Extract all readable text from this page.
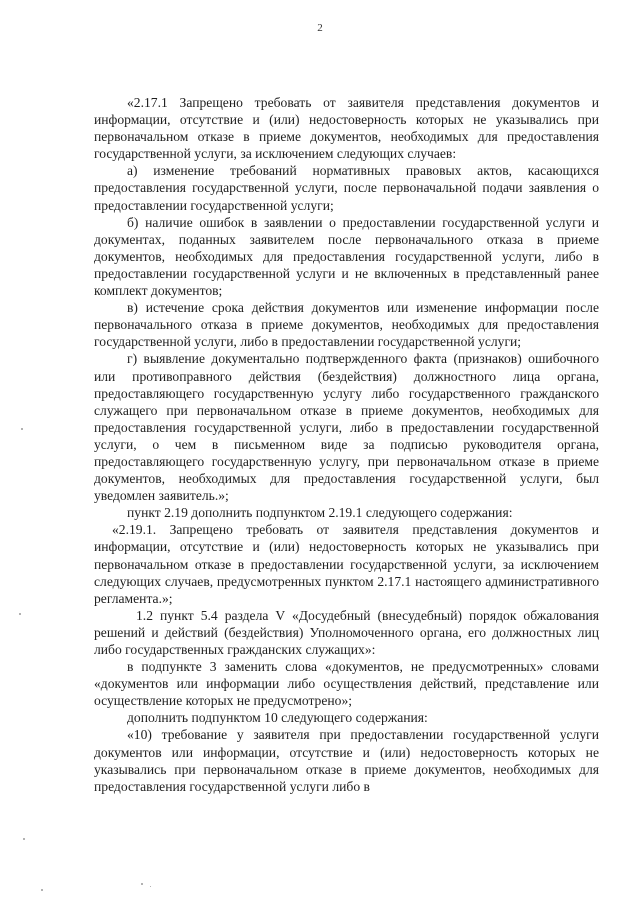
2

«2.17.1 Запрещено требовать от заявителя представления документов и информации, отсутствие и (или) недостоверность которых не указывались при первоначальном отказе в приеме документов, необходимых для предоставления государственной услуги, за исключением следующих случаев:

а) изменение требований нормативных правовых актов, касающихся предоставления государственной услуги, после первоначальной подачи заявления о предоставлении государственной услуги;

б) наличие ошибок в заявлении о предоставлении государственной услуги и документах, поданных заявителем после первоначального отказа в приеме документов, необходимых для предоставления государственной услуги, либо в предоставлении государственной услуги и не включенных в представленный ранее комплект документов;

в) истечение срока действия документов или изменение информации после первоначального отказа в приеме документов, необходимых для предоставления государственной услуги, либо в предоставлении государственной услуги;

г) выявление документально подтвержденного факта (признаков) ошибочного или противоправного действия (бездействия) должностного лица органа, предоставляющего государственную услугу либо государственного гражданского служащего при первоначальном отказе в приеме документов, необходимых для предоставления государственной услуги, либо в предоставлении государственной услуги, о чем в письменном виде за подписью руководителя органа, предоставляющего государственную услугу, при первоначальном отказе в приеме документов, необходимых для предоставления государственной услуги, был уведомлен заявитель.»;

пункт 2.19 дополнить подпунктом 2.19.1 следующего содержания:

«2.19.1. Запрещено требовать от заявителя представления документов и информации, отсутствие и (или) недостоверность которых не указывались при первоначальном отказе в предоставлении государственной услуги, за исключением следующих случаев, предусмотренных пунктом 2.17.1 настоящего административного регламента.»;

1.2 пункт 5.4 раздела V «Досудебный (внесудебный) порядок обжалования решений и действий (бездействия) Уполномоченного органа, его должностных лиц либо государственных гражданских служащих»:

в подпункте 3 заменить слова «документов, не предусмотренных» словами «документов или информации либо осуществления действий, представление или осуществление которых не предусмотрено»;

дополнить подпунктом 10 следующего содержания:

«10) требование у заявителя при предоставлении государственной услуги документов или информации, отсутствие и (или) недостоверность которых не указывались при первоначальном отказе в приеме документов, необходимых для предоставления государственной услуги либо в
